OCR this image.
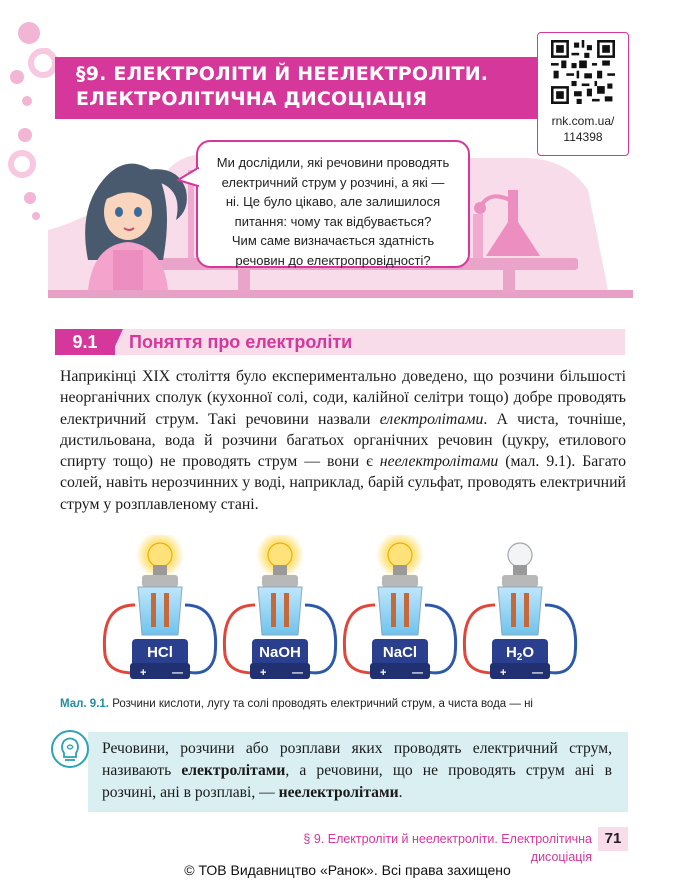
§9. ЕЛЕКТРОЛІТИ Й НЕЕЛЕКТРОЛІТИ.
ЕЛЕКТРОЛІТИЧНА ДИСОЦІАЦІЯ
rnk.com.ua/
114398
Ми дослідили, які речовини проводять
електричний струм у розчині, а які —
ні. Це було цікаво, але залишилося
питання: чому так відбувається?
Чим саме визначається здатність
речовин до електропровідності?
9.1	Поняття про електроліти
Наприкінці XIX століття було експериментально доведено, що розчини більшості неорганічних сполук (кухонної солі, соди, калійної селітри тощо) добре проводять електричний струм. Такі речовини назвали електролітами. А чиста, точніше, дистильована, вода й розчини багатьох органічних речовин (цукру, етилового спирту тощо) не проводять струм — вони є неелектролітами (мал. 9.1). Багато солей, навіть нерозчинних у воді, наприклад, барій сульфат, проводять електричний струм у розплавленому стані.
HCl
+ —
NaOH
+ —
NaCl
+ —
$H_2O$
+ —
Мал. 9.1. Розчини кислоти, лугу та солі проводять електричний струм, а чиста вода — ні
Речовини, розчини або розплави яких проводять електричний струм, називають електролітами, а речовини, що не проводять струм ані в розчині, ані в розплаві, — неелектролітами.
§ 9. Електроліти й неелектроліти. Електролітична дисоціація
71
© ТОВ Видавництво «Ранок». Всі права захищено
